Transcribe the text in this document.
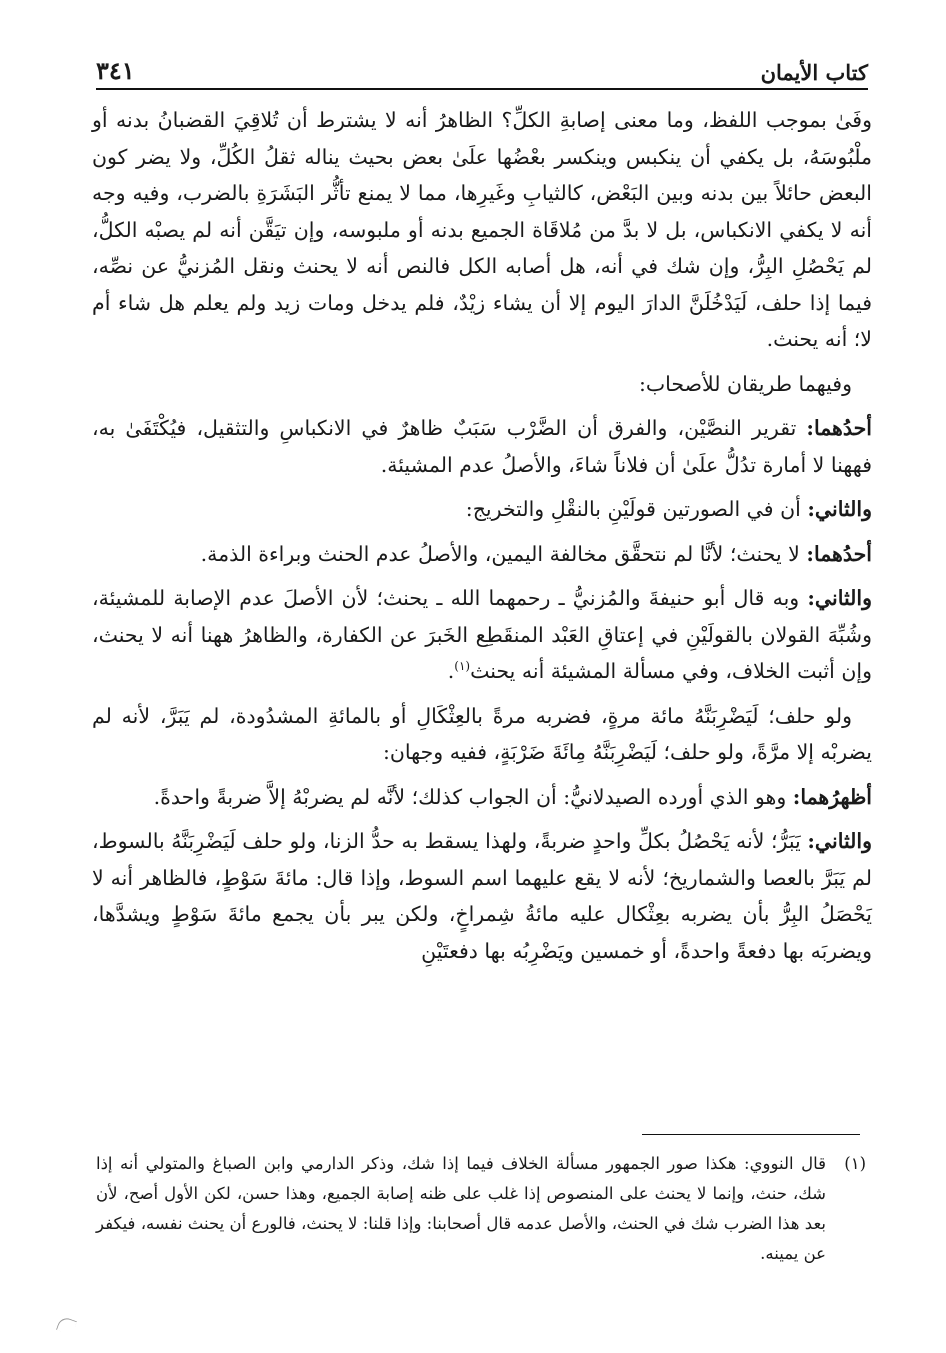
كتاب الأيمان
٣٤١

وفَىٰ بموجب اللفظ، وما معنى إصابةِ الكلِّ؟ الظاهرُ أنه لا يشترط أن تُلاقِيَ القضبانُ بدنه أو ملْبُوسَهُ، بل يكفي أن ينكبس وينكسر بعْضُها علَىٰ بعض بحيث يناله ثقلُ الكُلِّ، ولا يضر كون البعض حائلاً بين بدنه وبين البَعْض، كالثيابِ وغَيرِها، مما لا يمنع تأثُّر البَشَرَةِ بالضرب، وفيه وجه أنه لا يكفي الانكباس، بل لا بدَّ من مُلاقَاة الجميع بدنه أو ملبوسه، وإن تيَقَّن أنه لم يصبْه الكلُّ، لم يَحْصُلِ البِرُّ، وإن شك في أنه، هل أصابه الكل فالنص أنه لا يحنث ونقل المُزنيُّ عن نصِّه، فيما إذا حلف، لَيَدْخُلَنَّ الدارَ اليوم إلا أن يشاء زيْدٌ، فلم يدخل ومات زيد ولم يعلم هل شاء أم لا؛ أنه يحنث.

وفيهما طريقان للأصحاب:

أحدُهما: تقرير النصَّيْن، والفرق أن الضَّرْب سَبَبٌ ظاهرٌ في الانكباسِ والتثقيل، فيُكْتَفَىٰ به، فههنا لا أمارة تدُلُّ علَىٰ أن فلاناً شاءَ، والأصلُ عدم المشيئة.

والثاني: أن في الصورتين قولَيْنِ بالنقْلِ والتخريج:

أحدُهما: لا يحنث؛ لأنَّا لم نتحقَّق مخالفة اليمين، والأصلُ عدم الحنث وبراءة الذمة.

والثاني: وبه قال أبو حنيفةَ والمُزنيُّ ـ رحمهما الله ـ يحنث؛ لأن الأصلَ عدم الإصابة للمشيئة، وشُبِّهَ القولان بالقولَيْنِ في إعتاقِ العَبْد المنقَطِع الخَبرَ عن الكفارة، والظاهرُ ههنا أنه لا يحنث، وإن أثبت الخلاف، وفي مسألة المشيئة أنه يحنث$^{(١)}$.

ولو حلف؛ لَيَضْرِبَنَّهُ مائة مرةٍ، فضربه مرةً بالعِثْكَالِ أو بالمائةِ المشدُودة، لم يَبَرَّ، لأنه لم يضربْه إلا مرَّةً، ولو حلف؛ لَيَضْرِبَنَّهُ مِائَةَ ضَرْبَةٍ، ففيه وجهان:

أظهرُهما: وهو الذي أورده الصيدلانيُّ: أن الجواب كذلك؛ لأنَّه لم يضربْهُ إلاَّ ضربةً واحدةً.

والثاني: يَبَرُّ؛ لأنه يَحْصُلُ بكلِّ واحدٍ ضربةً، ولهذا يسقط به حدُّ الزنا، ولو حلف لَيَضْرِبَنَّهُ بالسوط، لم يَبَرَّ بالعصا والشماريخ؛ لأنه لا يقع عليهما اسم السوط، وإذا قال: مائةَ سَوْطٍ، فالظاهر أنه لا يَحْصَلُ البِرُّ بأن يضربه بعِثْكال عليه مائةُ شِمراخٍ، ولكن يبر بأن يجمع مائةَ سَوْطٍ ويشدَّها، ويضربَه بها دفعةً واحدةً، أو خمسين ويَضْرِبُه بها دفعتَيْنِ

(١)
قال النووي: هكذا صور الجمهور مسألة الخلاف فيما إذا شك، وذكر الدارمي وابن الصباغ والمتولي أنه إذا شك، حنث، وإنما لا يحنث على المنصوص إذا غلب على ظنه إصابة الجميع، وهذا حسن، لكن الأول أصح، لأن بعد هذا الضرب شك في الحنث، والأصل عدمه قال أصحابنا: وإذا قلنا: لا يحنث، فالورع أن يحنث نفسه، فيكفر عن يمينه.
